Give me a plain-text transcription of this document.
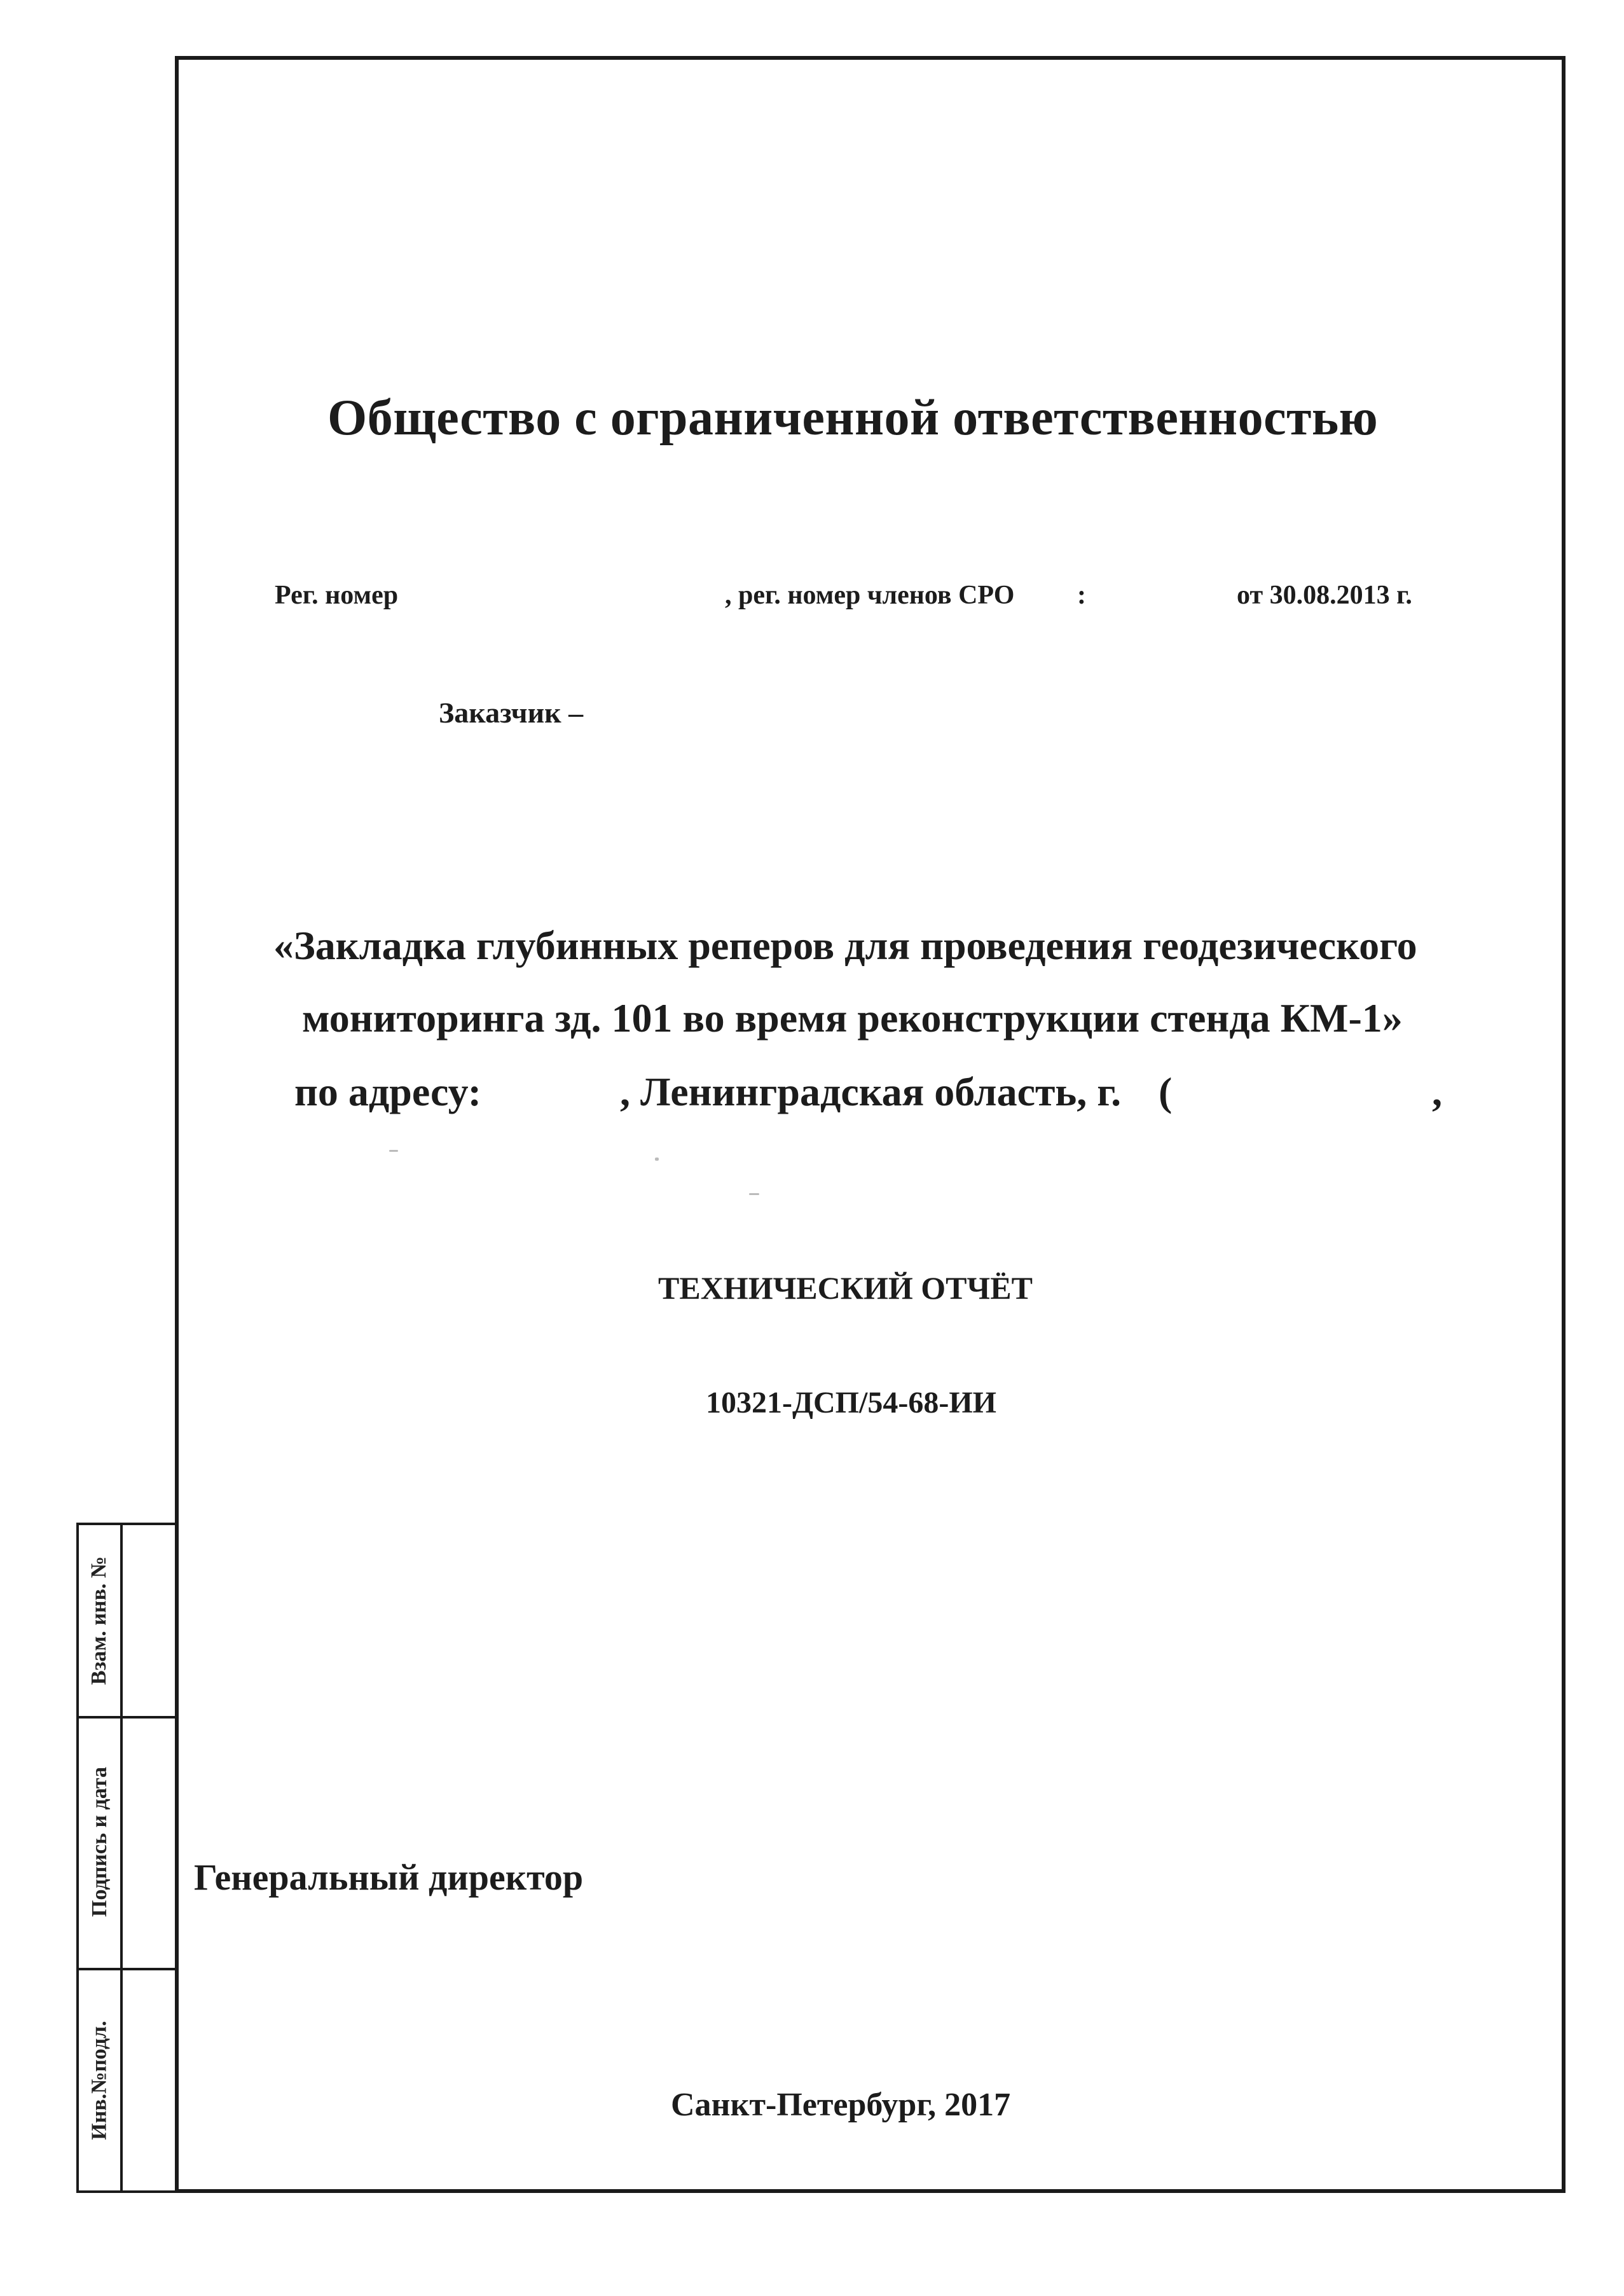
Взам. инв. №
Подпись и дата
Инв.№подл.
Общество с ограниченной ответственностью
Рег. номер	, рег. номер членов СРО :	от 30.08.2013 г.
Заказчик –
«Закладка глубинных реперов для проведения геодезического
мониторинга зд. 101 во время реконструкции стенда КМ-1»
по адресу:	, Ленинградская область, г. (	,
ТЕХНИЧЕСКИЙ ОТЧЁТ
10321-ДСП/54-68-ИИ
Генеральный директор
Санкт-Петербург, 2017
